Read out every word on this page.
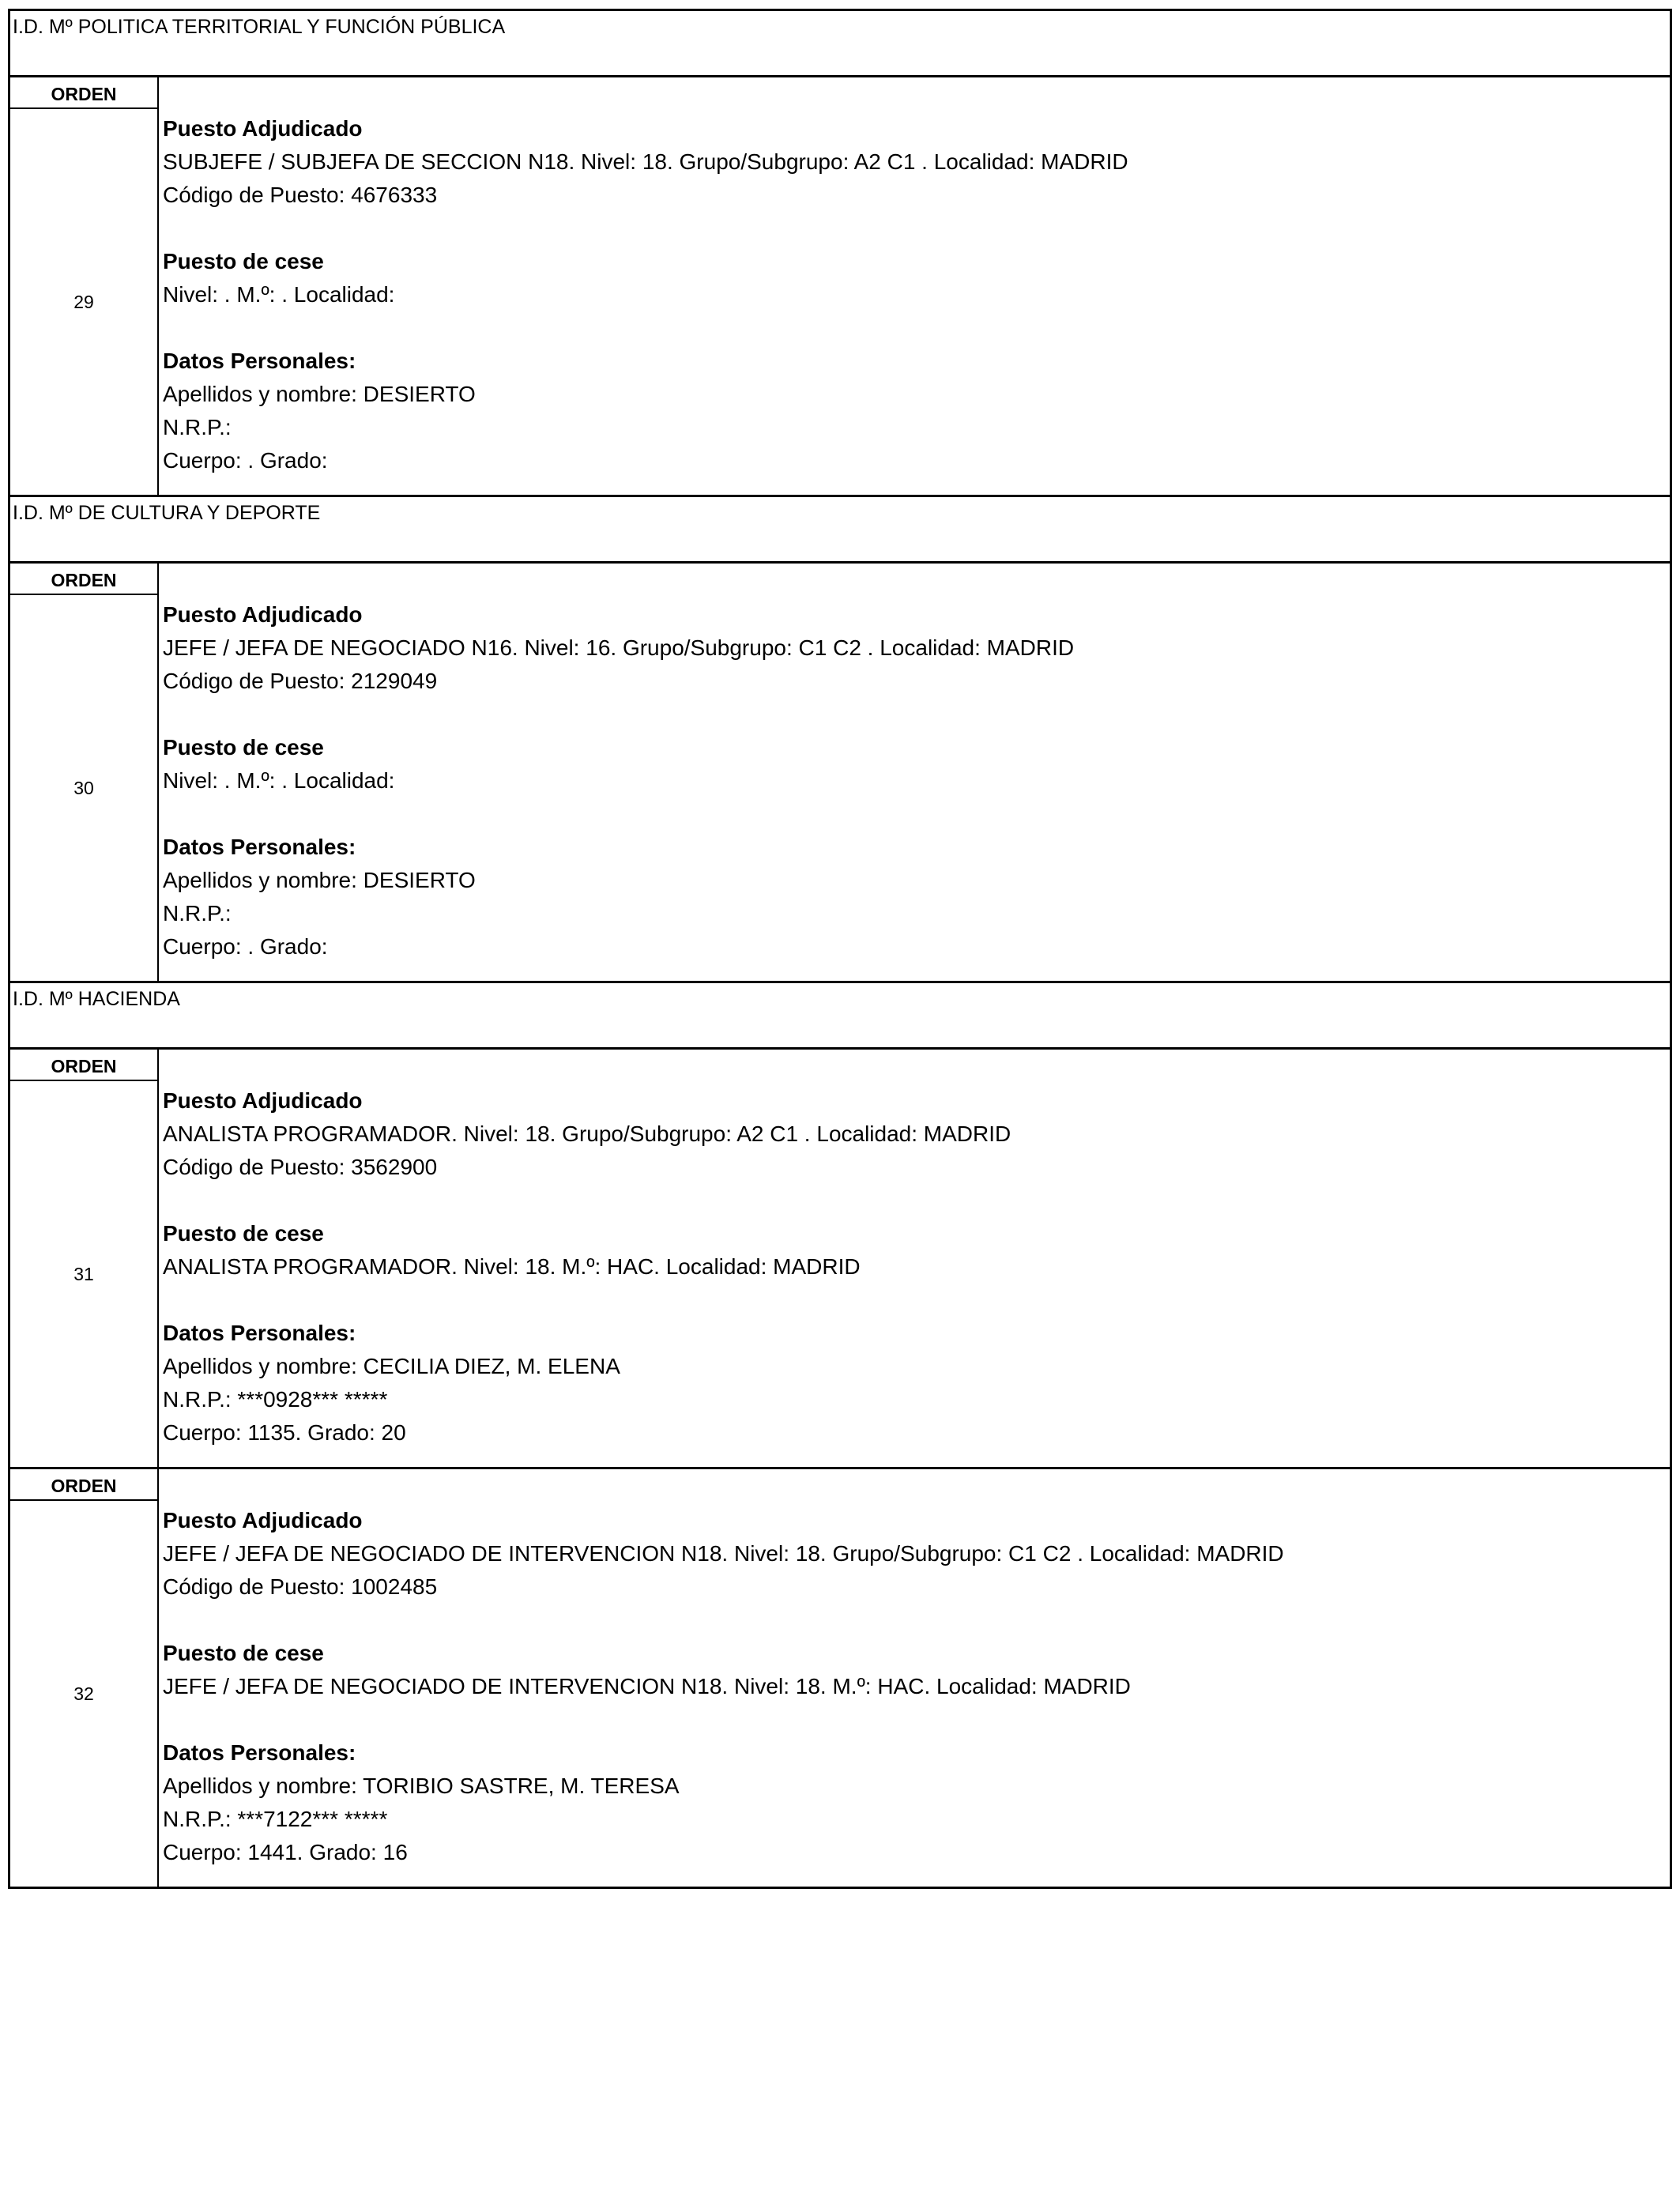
I.D. Mº POLITICA TERRITORIAL Y FUNCIÓN PÚBLICA
ORDEN
29
Puesto Adjudicado
SUBJEFE / SUBJEFA DE SECCION N18. Nivel: 18. Grupo/Subgrupo: A2 C1 . Localidad: MADRID
Código de Puesto: 4676333
Puesto de cese
Nivel: . M.º: . Localidad:
Datos Personales:
Apellidos y nombre: DESIERTO
N.R.P.:
Cuerpo: . Grado:
I.D. Mº DE CULTURA Y DEPORTE
ORDEN
30
Puesto Adjudicado
JEFE / JEFA DE NEGOCIADO N16. Nivel: 16. Grupo/Subgrupo: C1 C2 . Localidad: MADRID
Código de Puesto: 2129049
Puesto de cese
Nivel: . M.º: . Localidad:
Datos Personales:
Apellidos y nombre: DESIERTO
N.R.P.:
Cuerpo: . Grado:
I.D. Mº HACIENDA
ORDEN
31
Puesto Adjudicado
ANALISTA PROGRAMADOR. Nivel: 18. Grupo/Subgrupo: A2 C1 . Localidad: MADRID
Código de Puesto: 3562900
Puesto de cese
ANALISTA PROGRAMADOR. Nivel: 18. M.º: HAC. Localidad: MADRID
Datos Personales:
Apellidos y nombre: CECILIA DIEZ, M. ELENA
N.R.P.: ***0928*** *****
Cuerpo: 1135. Grado: 20
ORDEN
32
Puesto Adjudicado
JEFE / JEFA DE NEGOCIADO DE INTERVENCION N18. Nivel: 18. Grupo/Subgrupo: C1 C2 . Localidad: MADRID
Código de Puesto: 1002485
Puesto de cese
JEFE / JEFA DE NEGOCIADO DE INTERVENCION N18. Nivel: 18. M.º: HAC. Localidad: MADRID
Datos Personales:
Apellidos y nombre: TORIBIO SASTRE, M. TERESA
N.R.P.: ***7122*** *****
Cuerpo: 1441. Grado: 16
